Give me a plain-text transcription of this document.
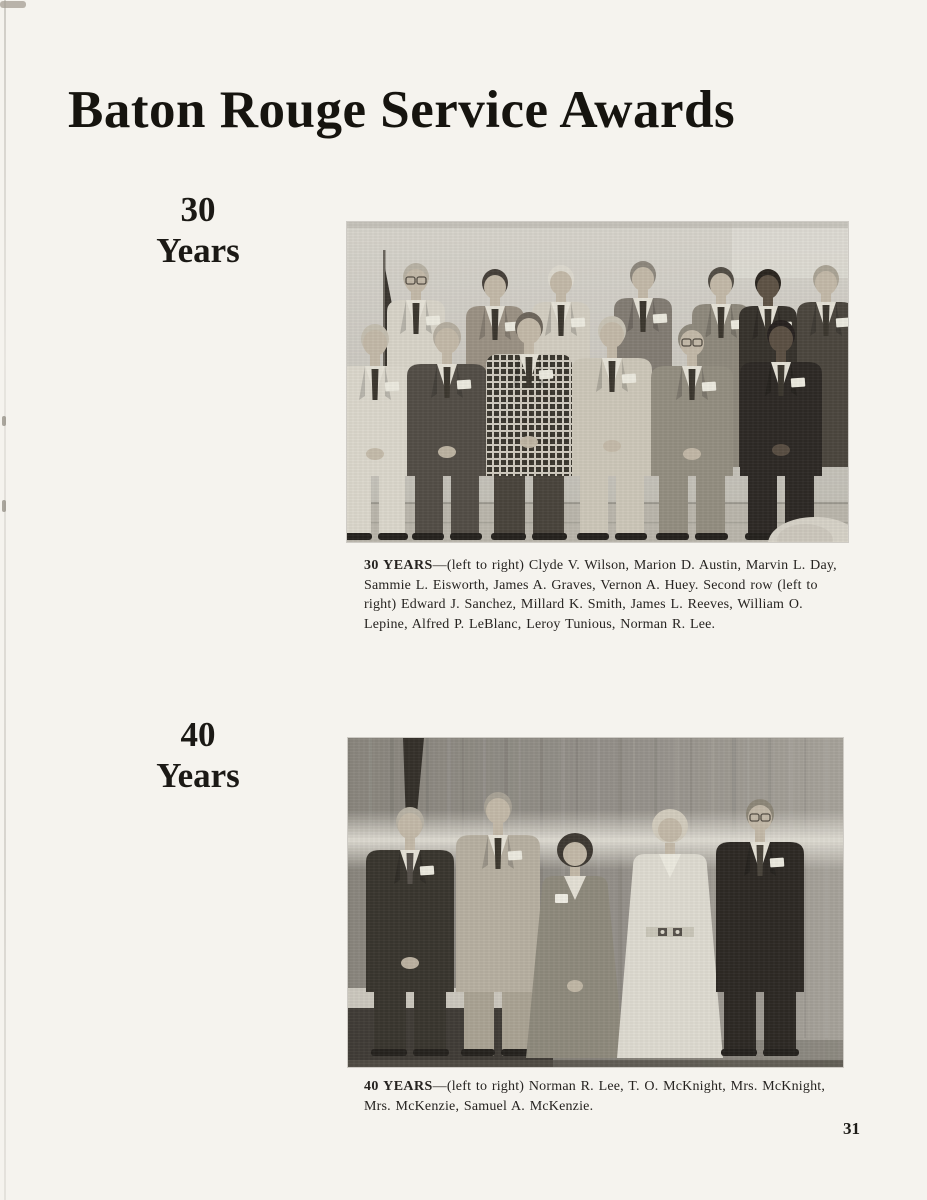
Baton Rouge Service Awards
30
Years
30 YEARS—(left to right) Clyde V. Wilson, Marion D. Austin, Marvin L. Day,
Sammie L. Eisworth, James A. Graves, Vernon A. Huey. Second row (left to
right) Edward J. Sanchez, Millard K. Smith, James L. Reeves, William O.
Lepine, Alfred P. LeBlanc, Leroy Tunious, Norman R. Lee.
40
Years
40 YEARS—(left to right) Norman R. Lee, T. O. McKnight, Mrs. McKnight,
Mrs. McKenzie, Samuel A. McKenzie.
31
